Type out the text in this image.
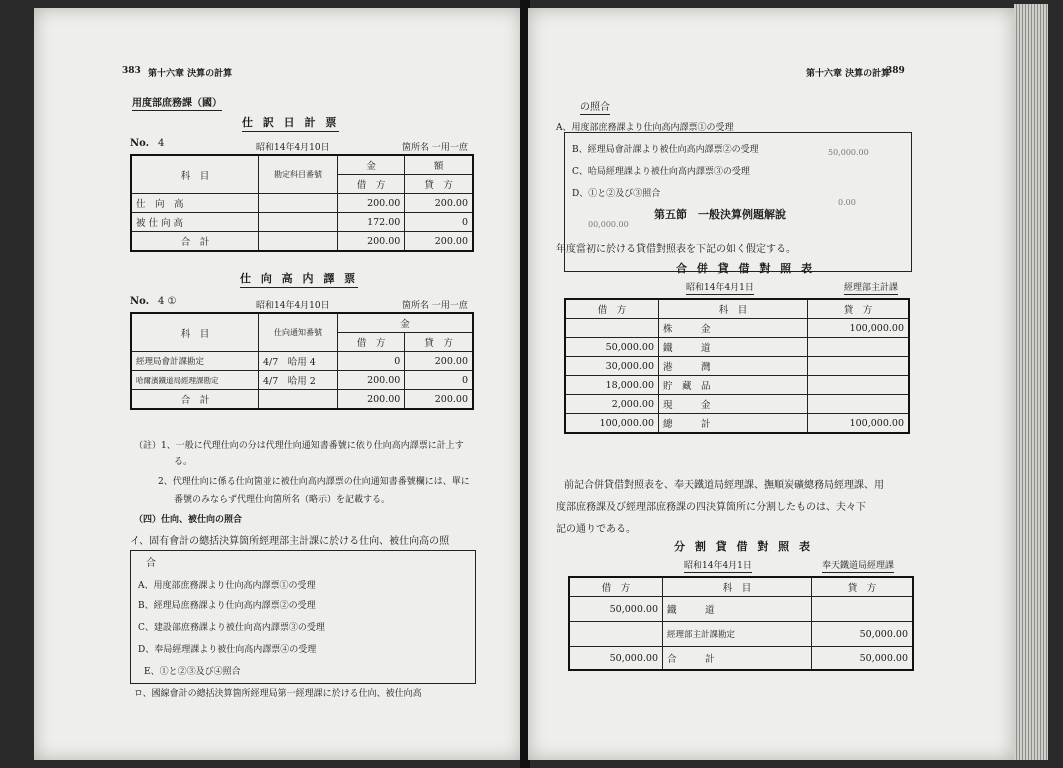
383 第十六章 決算の計算
用度部庶務課（國）
仕 訳 日 計 票
No. 4	昭和14年4月10日	箇所名 一用一庶
科　目	勘定科目番號	金	額
		借　方	貸　方
仕　向　高		200.00	200.00
被 仕 向 高		172.00	0
合　計		200.00	200.00
仕 向 高 内 譯 票
No. 4 ①	昭和14年4月10日	箇所名 一用一庶
科　目	仕向通知番號	金	
		借　方	貸　方
經理局會計課勘定	4/7　哈用 4	0	200.00
哈爾濱鐵道局經理課勘定	4/7　哈用 2	200.00	0
合　計		200.00	200.00
（註）1、一般に代理仕向の分は代理仕向通知書番號に依り仕向高内譯票に計上す
る。
2、代理仕向に係る仕向箇並に被仕向高内譯票の仕向通知書番號欄には、單に
番號のみならず代理仕向箇所名（略示）を記載する。
（四）仕向、被仕向の照合
イ、固有會計の總括決算箇所經理部主計課に於ける仕向、被仕向高の照
合
A、用度部庶務課より仕向高内譯票①の受理
B、經理局庶務課より仕向高内譯票②の受理
C、建設部庶務課より被仕向高内譯票③の受理
D、奉局經理課より被仕向高内譯票④の受理
E、①と②③及び④照合
ロ、國線會計の總括決算箇所經理局第一經理課に於ける仕向、被仕向高
第十六章 決算の計算
389
の照合
A、用度部庶務課より仕向高内譯票①の受理
B、經理局會計課より被仕向高内譯票②の受理
C、哈局經理課より被仕向高内譯票③の受理
D、①と②及び③照合
50,000.00
0.00
00,000.00
第五節　一般決算例題解說
年度當初に於ける貸借對照表を下記の如く假定する。
合 併 貸 借 對 照 表
昭和14年4月1日	經理部主計課
借　方	科　目	貸　方
	株　　　金	100,000.00
50,000.00	鐵　　　道	
30,000.00	港　　　灣	
18,000.00	貯　藏　品	
2,000.00	現　　　金	
100,000.00	總　　　計	100,000.00
前記合併貸借對照表を、奉天鐵道局經理課、撫順炭礦總務局經理課、用
度部庶務課及び經理部庶務課の四決算箇所に分割したものは、夫々下
記の通りである。
分 割 貸 借 對 照 表
昭和14年4月1日	奉天鐵道局經理課
借　方	科　目	貸　方
50,000.00	鐵　　　道	
	經理部主計課勘定	50,000.00
50,000.00	合　　　計	50,000.00
